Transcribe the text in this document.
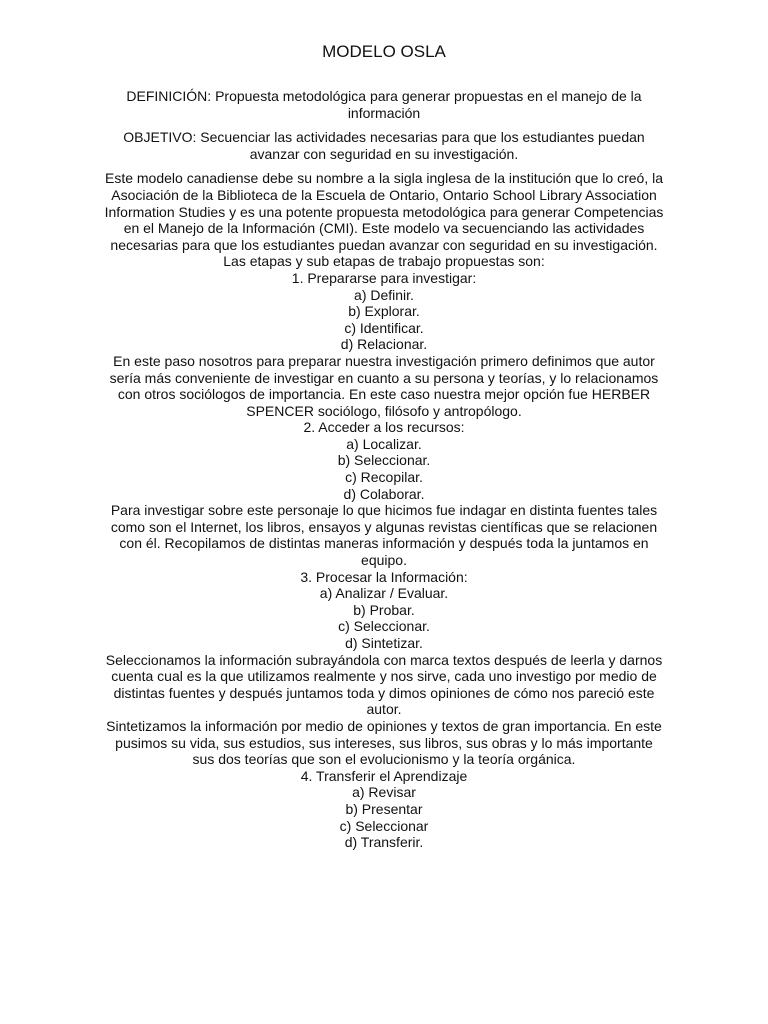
MODELO OSLA

DEFINICIÓN: Propuesta metodológica para generar propuestas en el manejo de la información

OBJETIVO: Secuenciar las actividades necesarias para que los estudiantes puedan avanzar con seguridad en su investigación.

Este modelo canadiense debe su nombre a la sigla inglesa de la institución que lo creó, la Asociación de la Biblioteca de la Escuela de Ontario, Ontario School Library Association Information Studies y es una potente propuesta metodológica para generar Competencias en el Manejo de la Información (CMI). Este modelo va secuenciando las actividades necesarias para que los estudiantes puedan avanzar con seguridad en su investigación. Las etapas y sub etapas de trabajo propuestas son:

1. Prepararse para investigar:
a) Definir.
b) Explorar.
c) Identificar.
d) Relacionar.

En este paso nosotros para preparar nuestra investigación primero definimos que autor sería más conveniente de investigar en cuanto a su persona y teorías, y lo relacionamos con otros sociólogos de importancia. En este caso nuestra mejor opción fue HERBER SPENCER sociólogo, filósofo y antropólogo.

2. Acceder a los recursos:
a) Localizar.
b) Seleccionar.
c) Recopilar.
d) Colaborar.

Para investigar sobre este personaje lo que hicimos fue indagar en distinta fuentes tales como son el Internet, los libros, ensayos y algunas revistas científicas que se relacionen con él. Recopilamos de distintas maneras información y después toda la juntamos en equipo.

3. Procesar la Información:
a) Analizar / Evaluar.
b) Probar.
c) Seleccionar.
d) Sintetizar.

Seleccionamos la información subrayándola con marca textos después de leerla y darnos cuenta cual es la que utilizamos realmente y nos sirve, cada uno investigo por medio de distintas fuentes y después juntamos toda y dimos opiniones de cómo nos pareció este autor.

Sintetizamos la información por medio de opiniones y textos de gran importancia. En este pusimos su vida, sus estudios, sus intereses, sus libros, sus obras y lo más importante sus dos teorías que son el evolucionismo y la teoría orgánica.

4. Transferir el Aprendizaje
a) Revisar
b) Presentar
c) Seleccionar
d) Transferir.
